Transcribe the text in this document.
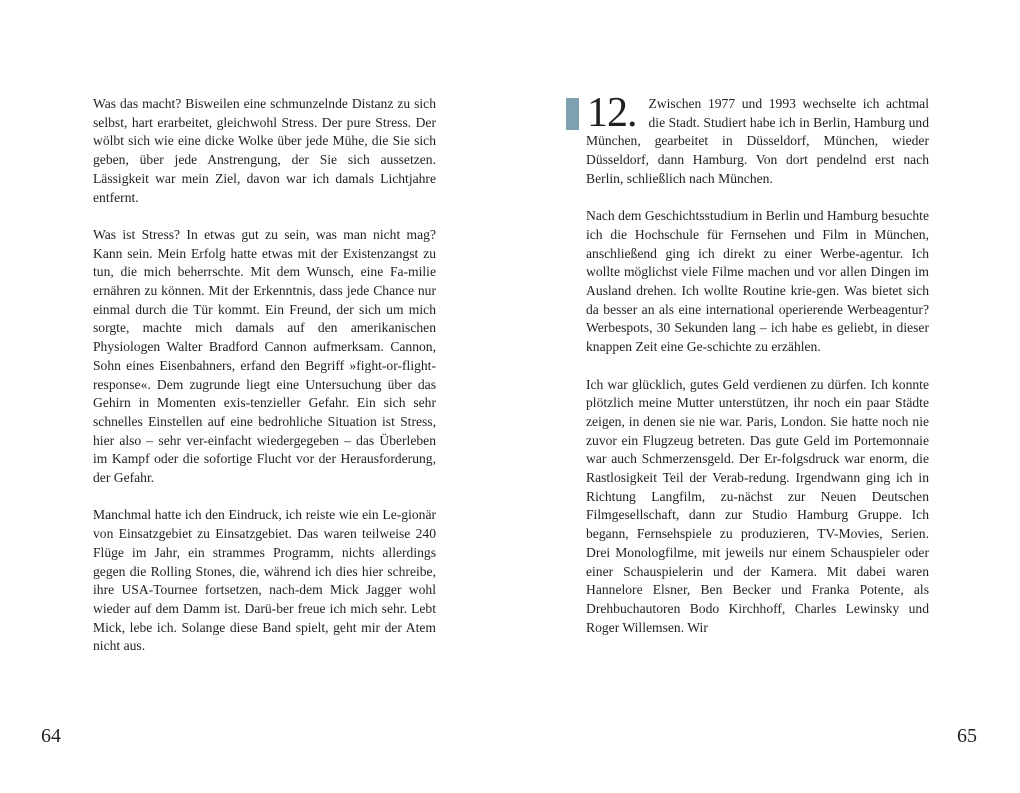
Was das macht? Bisweilen eine schmunzelnde Distanz zu sich selbst, hart erarbeitet, gleichwohl Stress. Der pure Stress. Der wölbt sich wie eine dicke Wolke über jede Mühe, die Sie sich geben, über jede Anstrengung, der Sie sich aussetzen. Lässigkeit war mein Ziel, davon war ich damals Lichtjahre entfernt.

Was ist Stress? In etwas gut zu sein, was man nicht mag? Kann sein. Mein Erfolg hatte etwas mit der Existenzangst zu tun, die mich beherrschte. Mit dem Wunsch, eine Fa-milie ernähren zu können. Mit der Erkenntnis, dass jede Chance nur einmal durch die Tür kommt. Ein Freund, der sich um mich sorgte, machte mich damals auf den amerikanischen Physiologen Walter Bradford Cannon aufmerksam. Cannon, Sohn eines Eisenbahners, erfand den Begriff »fight-or-flight-response«. Dem zugrunde liegt eine Untersuchung über das Gehirn in Momenten exis-tenzieller Gefahr. Ein sich sehr schnelles Einstellen auf eine bedrohliche Situation ist Stress, hier also – sehr ver-einfacht wiedergegeben – das Überleben im Kampf oder die sofortige Flucht vor der Herausforderung, der Gefahr.

Manchmal hatte ich den Eindruck, ich reiste wie ein Le-gionär von Einsatzgebiet zu Einsatzgebiet. Das waren teilweise 240 Flüge im Jahr, ein strammes Programm, nichts allerdings gegen die Rolling Stones, die, während ich dies hier schreibe, ihre USA-Tournee fortsetzen, nach-dem Mick Jagger wohl wieder auf dem Damm ist. Darü-ber freue ich mich sehr. Lebt Mick, lebe ich. Solange diese Band spielt, geht mir der Atem nicht aus.

64
12. Zwischen 1977 und 1993 wechselte ich achtmal die Stadt. Studiert habe ich in Berlin, Hamburg und München, gearbeitet in Düsseldorf, München, wieder Düsseldorf, dann Hamburg. Von dort pendelnd erst nach Berlin, schließlich nach München.

Nach dem Geschichtsstudium in Berlin und Hamburg besuchte ich die Hochschule für Fernsehen und Film in München, anschließend ging ich direkt zu einer Werbe-agentur. Ich wollte möglichst viele Filme machen und vor allen Dingen im Ausland drehen. Ich wollte Routine krie-gen. Was bietet sich da besser an als eine international operierende Werbeagentur? Werbespots, 30 Sekunden lang – ich habe es geliebt, in dieser knappen Zeit eine Ge-schichte zu erzählen.

Ich war glücklich, gutes Geld verdienen zu dürfen. Ich konnte plötzlich meine Mutter unterstützen, ihr noch ein paar Städte zeigen, in denen sie nie war. Paris, London. Sie hatte noch nie zuvor ein Flugzeug betreten. Das gute Geld im Portemonnaie war auch Schmerzensgeld. Der Er-folgsdruck war enorm, die Rastlosigkeit Teil der Verab-redung. Irgendwann ging ich in Richtung Langfilm, zu-nächst zur Neuen Deutschen Filmgesellschaft, dann zur Studio Hamburg Gruppe. Ich begann, Fernsehspiele zu produzieren, TV-Movies, Serien. Drei Monologfilme, mit jeweils nur einem Schauspieler oder einer Schauspielerin und der Kamera. Mit dabei waren Hannelore Elsner, Ben Becker und Franka Potente, als Drehbuchautoren Bodo Kirchhoff, Charles Lewinsky und Roger Willemsen. Wir

65
